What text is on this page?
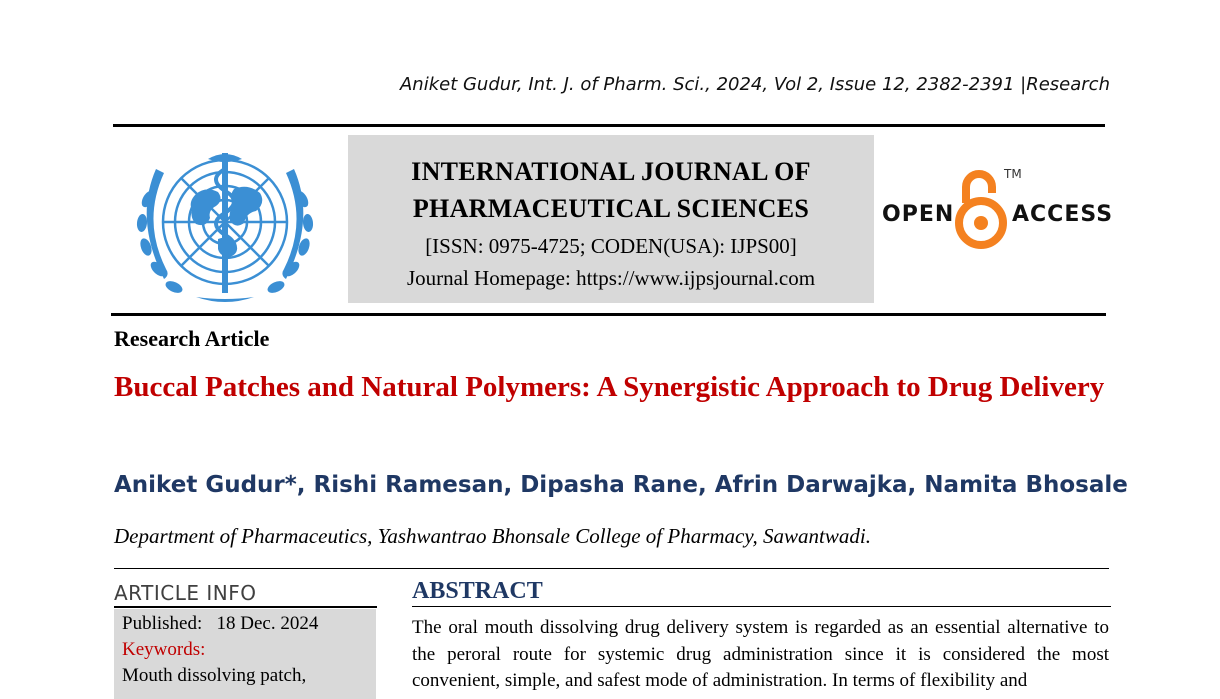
Aniket Gudur, Int. J. of Pharm. Sci., 2024, Vol 2, Issue 12, 2382-2391 |Research
INTERNATIONAL JOURNAL OF
PHARMACEUTICAL SCIENCES
[ISSN: 0975-4725; CODEN(USA): IJPS00]
Journal Homepage: https://www.ijpsjournal.com
OPEN
TM
ACCESS
Research Article
Buccal Patches and Natural Polymers: A Synergistic Approach to Drug Delivery
Aniket Gudur*, Rishi Ramesan, Dipasha Rane, Afrin Darwajka, Namita Bhosale
Department of Pharmaceutics, Yashwantrao Bhonsale College of Pharmacy, Sawantwadi.
ARTICLE INFO
Published: 18 Dec. 2024
Keywords:
Mouth dissolving patch,
ABSTRACT
The oral mouth dissolving drug delivery system is regarded as an essential alternative to the peroral route for systemic drug administration since it is considered the most convenient, simple, and safest mode of administration. In terms of flexibility and
